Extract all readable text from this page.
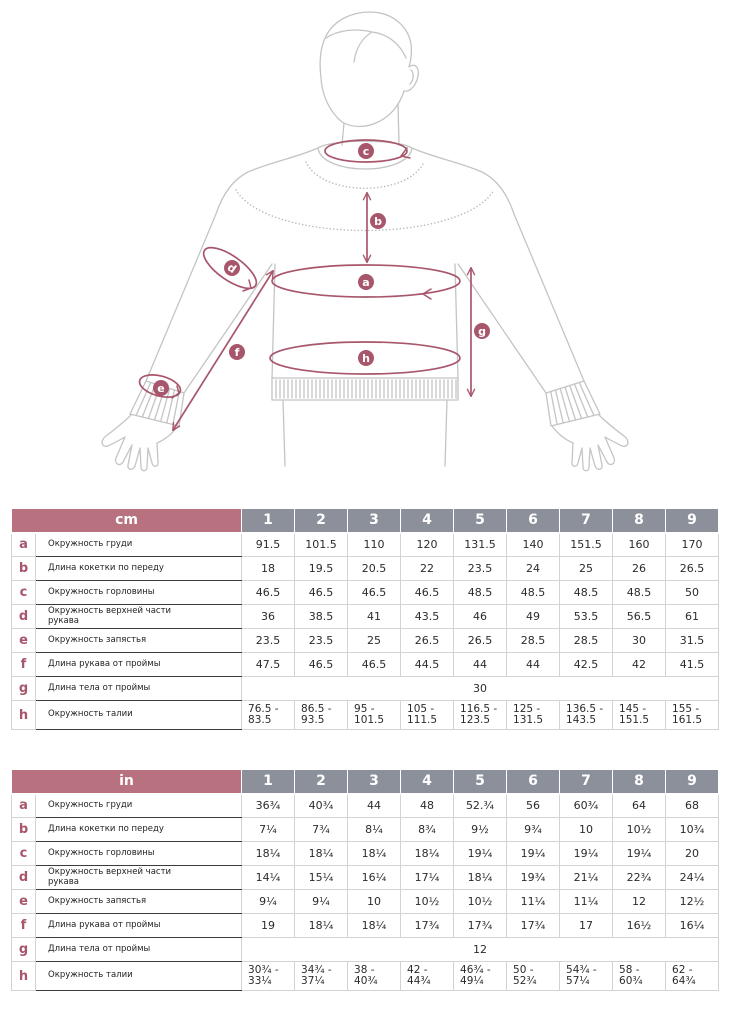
c
b
a
d
f
e
h
g
cm		1	2	3	4	5	6	7	8	9
a	Окружность груди	91.5	101.5	110	120	131.5	140	151.5	160	170
b	Длина кокетки по переду	18	19.5	20.5	22	23.5	24	25	26	26.5
c	Окружность горловины	46.5	46.5	46.5	46.5	48.5	48.5	48.5	48.5	50
d	Окружность верхней части рукава	36	38.5	41	43.5	46	49	53.5	56.5	61
e	Окружность запястья	23.5	23.5	25	26.5	26.5	28.5	28.5	30	31.5
f	Длина рукава от проймы	47.5	46.5	46.5	44.5	44	44	42.5	42	41.5
g	Длина тела от проймы	30								
h	Окружность талии	76.5 - 83.5	86.5 - 93.5	95 - 101.5	105 - 111.5	116.5 - 123.5	125 - 131.5	136.5 - 143.5	145 - 151.5	155 - 161.5
in		1	2	3	4	5	6	7	8	9
a	Окружность груди	36¾	40¾	44	48	52.¾	56	60¾	64	68
b	Длина кокетки по переду	7¼	7¾	8¼	8¾	9½	9¾	10	10½	10¾
c	Окружность горловины	18¼	18¼	18¼	18¼	19¼	19¼	19¼	19¼	20
d	Окружность верхней части рукава	14¼	15¼	16¼	17¼	18¼	19¾	21¼	22¾	24¼
e	Окружность запястья	9¼	9¼	10	10½	10½	11¼	11¼	12	12½
f	Длина рукава от проймы	19	18¼	18¼	17¾	17¾	17¾	17	16½	16¼
g	Длина тела от проймы	12								
h	Окружность талии	30¾ - 33¼	34¾ - 37¼	38 - 40¾	42 - 44¾	46¾ - 49¼	50 - 52¾	54¾ - 57¼	58 - 60¾	62 - 64¾
